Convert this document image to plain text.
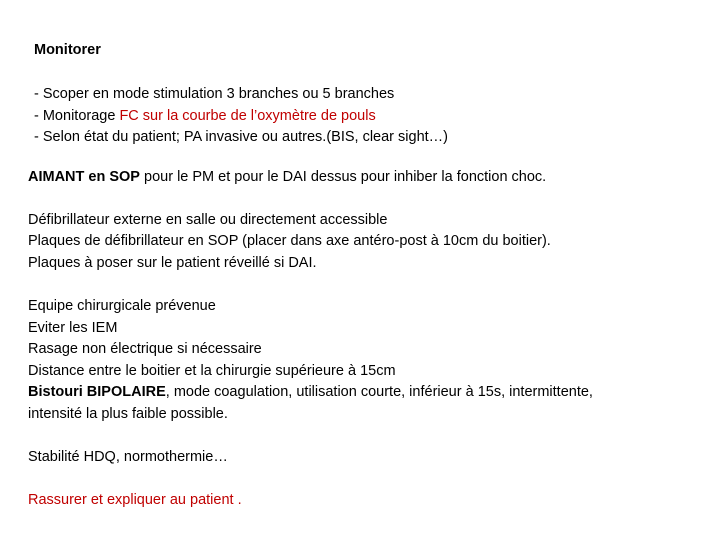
Monitorer
- Scoper en mode stimulation 3 branches ou 5 branches
- Monitorage FC sur la courbe de l’oxymètre de pouls
- Selon état du patient; PA invasive ou autres.(BIS, clear sight…)
AIMANT en SOP pour le PM et pour le DAI dessus pour inhiber la fonction choc.
Défibrillateur externe en salle ou directement accessible
Plaques de défibrillateur en SOP (placer dans axe antéro-post à 10cm du boitier).
Plaques à poser sur le patient réveillé si DAI.
Equipe chirurgicale prévenue
Eviter les IEM
Rasage non électrique si nécessaire
Distance entre le boitier et la chirurgie supérieure à 15cm
Bistouri BIPOLAIRE, mode coagulation, utilisation courte, inférieur à 15s, intermittente,
intensité la plus faible possible.
Stabilité HDQ, normothermie…
Rassurer et expliquer au patient .
